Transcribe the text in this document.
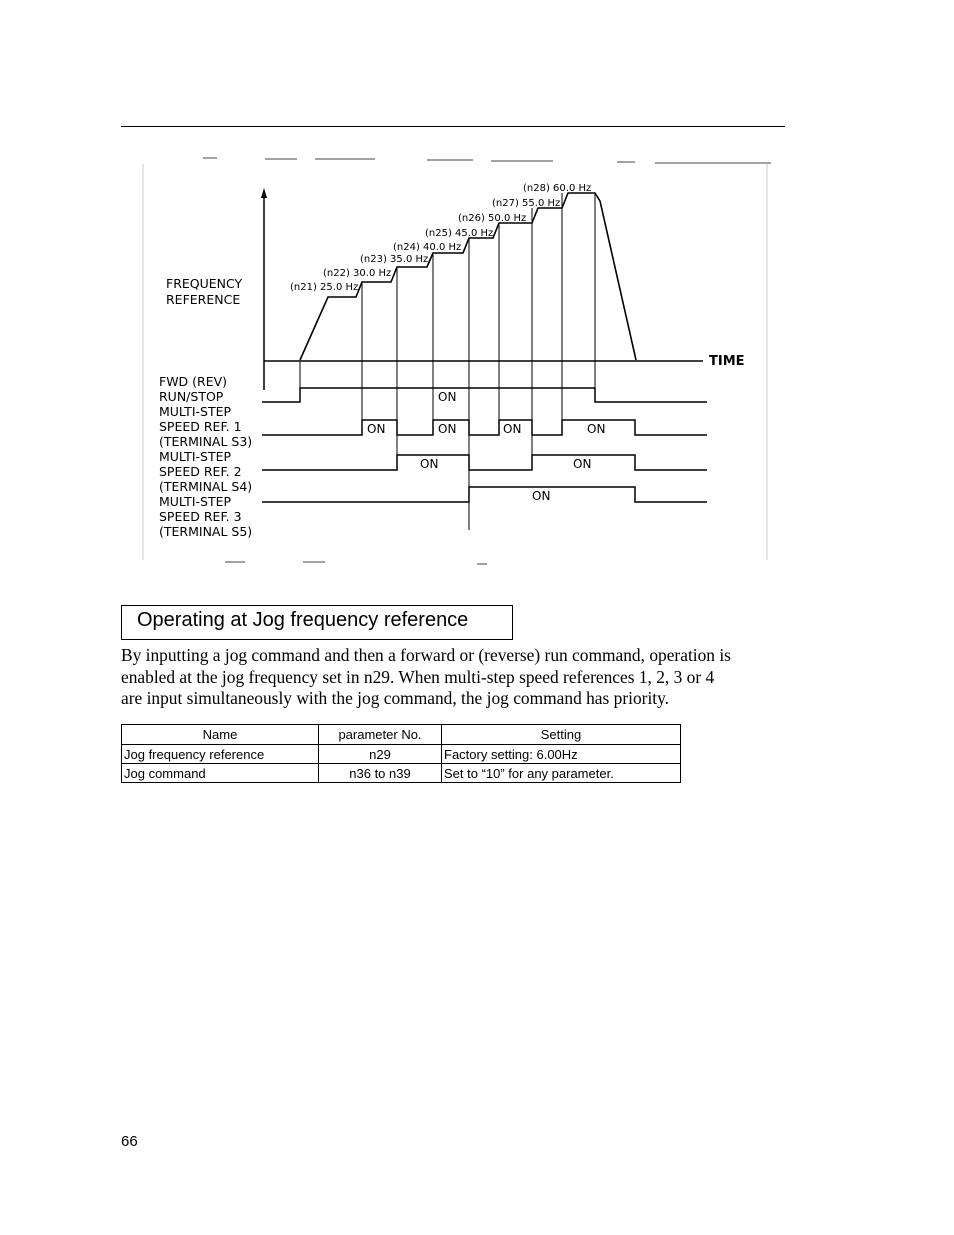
FREQUENCY
REFERENCE
TIME
(n21) 25.0 Hz
(n22) 30.0 Hz
(n23) 35.0 Hz
(n24) 40.0 Hz
(n25) 45.0 Hz
(n26) 50.0 Hz
(n27) 55.0 Hz
(n28) 60.0 Hz
FWD (REV)
RUN/STOP
MULTI-STEP
SPEED REF. 1
(TERMINAL S3)
MULTI-STEP
SPEED REF. 2
(TERMINAL S4)
MULTI-STEP
SPEED REF. 3
(TERMINAL S5)
ON
ON	ON	ON	ON
ON	ON
ON
Operating at Jog frequency reference
By inputting a jog command and then a forward or (reverse) run command, operation is
enabled at the jog frequency set in n29. When multi-step speed references 1, 2, 3 or 4
are input simultaneously with the jog command, the jog command has priority.
Name	parameter No.	Setting
Jog frequency reference	n29	Factory setting: 6.00Hz
Jog command	n36 to n39	Set to “10” for any parameter.
66
